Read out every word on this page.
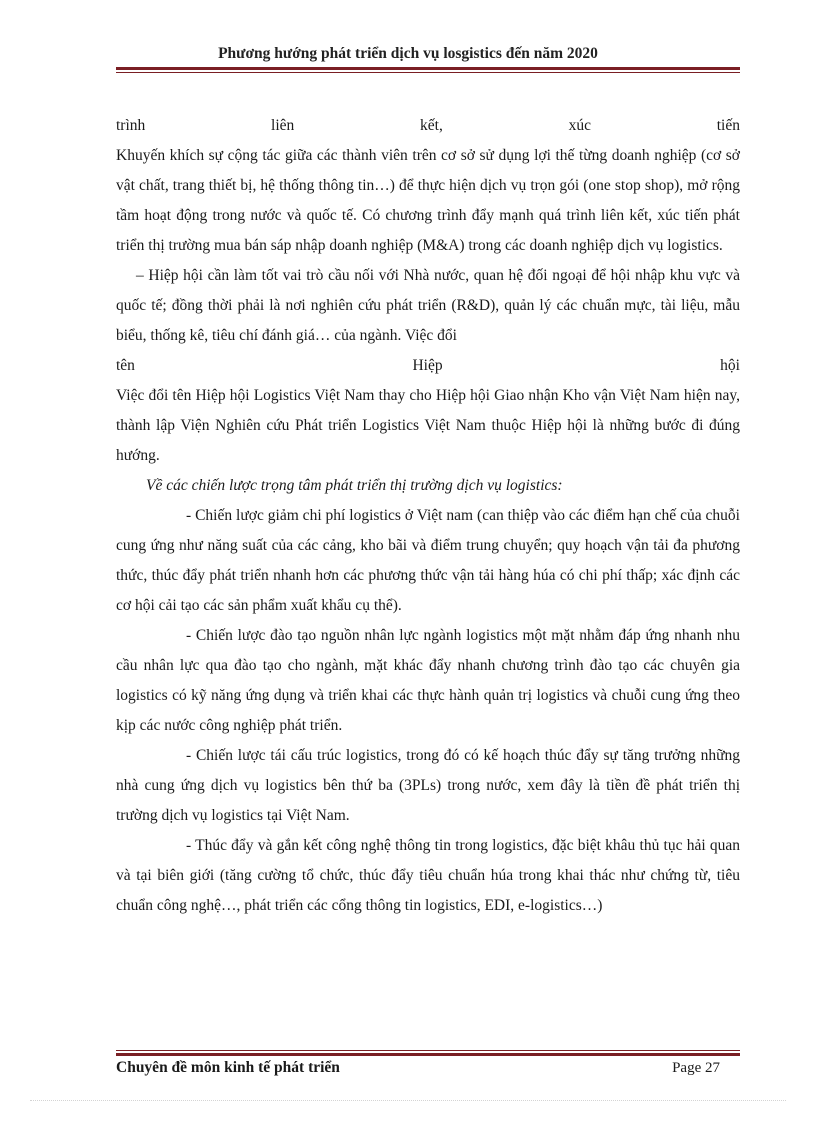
Phương hướng phát triển dịch vụ losgistics đến năm 2020

trình	liên	kết,	xúc	tiến

Khuyến khích sự cộng tác giữa các thành viên trên cơ sở sử dụng lợi thế từng doanh nghiệp (cơ sở vật chất, trang thiết bị, hệ thống thông tin…) để thực hiện dịch vụ trọn gói (one stop shop), mở rộng tầm hoạt động trong nước và quốc tế. Có chương trình đẩy mạnh quá trình liên kết, xúc tiến phát triển thị trường mua bán sáp nhập doanh nghiệp (M&A) trong các doanh nghiệp dịch vụ logistics.

– Hiệp hội cần làm tốt vai trò cầu nối với Nhà nước, quan hệ đối ngoại để hội nhập khu vực và quốc tế; đồng thời phải là nơi nghiên cứu phát triển (R&D), quản lý các chuẩn mực, tài liệu, mẫu biểu, thống kê, tiêu chí đánh giá… của ngành. Việc đổi

tên	Hiệp	hội

Việc đổi tên Hiệp hội Logistics Việt Nam thay cho Hiệp hội Giao nhận Kho vận Việt Nam hiện nay, thành lập Viện Nghiên cứu Phát triển Logistics Việt Nam thuộc Hiệp hội là những bước đi đúng hướng.

Về các chiến lược trọng tâm phát triển thị trường dịch vụ logistics:

- Chiến lược giảm chi phí logistics ở Việt nam (can thiệp vào các điểm hạn chế của chuỗi cung ứng như năng suất của các cảng, kho bãi và điểm trung chuyển; quy hoạch vận tải đa phương thức, thúc đẩy phát triển nhanh hơn các phương thức vận tải hàng húa có chi phí thấp; xác định các cơ hội cải tạo các sản phẩm xuất khẩu cụ thể).

- Chiến lược đào tạo nguồn nhân lực ngành logistics một mặt nhằm đáp ứng nhanh nhu cầu nhân lực qua đào tạo cho ngành, mặt khác đẩy nhanh chương trình đào tạo các chuyên gia logistics có kỹ năng ứng dụng và triển khai các thực hành quản trị logistics và chuỗi cung ứng theo kịp các nước công nghiệp phát triển.

- Chiến lược tái cấu trúc logistics, trong đó có kế hoạch thúc đẩy sự tăng trưởng những nhà cung ứng dịch vụ logistics bên thứ ba (3PLs) trong nước, xem đây là tiền đề phát triển thị trường dịch vụ logistics tại Việt Nam.

- Thúc đẩy và gắn kết công nghệ thông tin trong logistics, đặc biệt khâu thủ tục hải quan và tại biên giới (tăng cường tổ chức, thúc đẩy tiêu chuẩn húa trong khai thác như chứng từ, tiêu chuẩn công nghệ…, phát triển các cổng thông tin logistics, EDI, e-logistics…)

Chuyên đề môn kinh tế phát triển	Page 27
